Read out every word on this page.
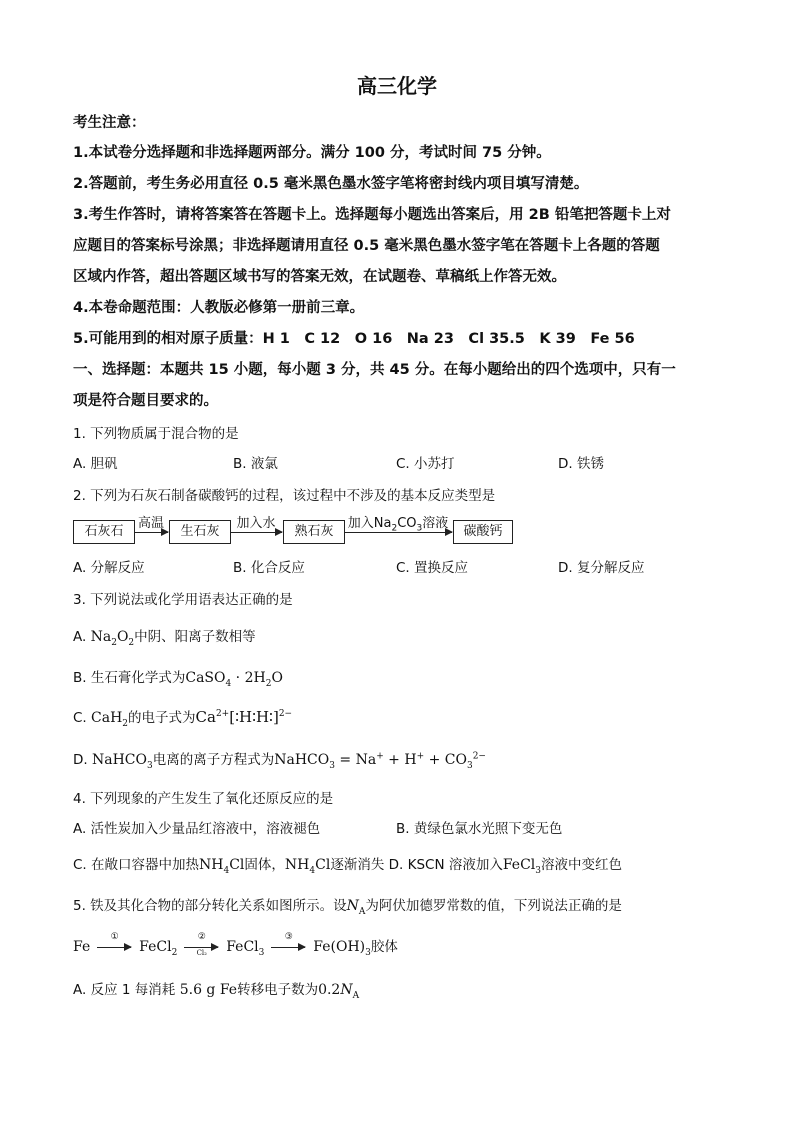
高三化学
考生注意：
1.本试卷分选择题和非选择题两部分。满分 100 分，考试时间 75 分钟。
2.答题前，考生务必用直径 0.5 毫米黑色墨水签字笔将密封线内项目填写清楚。
3.考生作答时，请将答案答在答题卡上。选择题每小题选出答案后，用 2B 铅笔把答题卡上对
应题目的答案标号涂黑；非选择题请用直径 0.5 毫米黑色墨水签字笔在答题卡上各题的答题
区域内作答，超出答题区域书写的答案无效，在试题卷、草稿纸上作答无效。
4.本卷命题范围：人教版必修第一册前三章。
5.可能用到的相对原子质量：H 1　C 12　O 16　Na 23　Cl 35.5　K 39　Fe 56
一、选择题：本题共 15 小题，每小题 3 分，共 45 分。在每小题给出的四个选项中，只有一
项是符合题目要求的。
1. 下列物质属于混合物的是
A. 胆矾	B. 液氯	C. 小苏打	D. 铁锈
2. 下列为石灰石制备碳酸钙的过程，该过程中不涉及的基本反应类型是
石灰石
高温
生石灰
加入水
熟石灰
加入$Na_2CO_3$溶液
碳酸钙
A. 分解反应	B. 化合反应	C. 置换反应	D. 复分解反应
3. 下列说法或化学用语表达正确的是
A. $Na_2O_2$中阴、阳离子数相等
B. 生石膏化学式为CaSO$_4$ · $2H_2O$
C. CaH$_2$的电子式为$Ca^{2+}[∶H∶H∶]^{2-}$
D. NaHCO$_3$电离的离子方程式为NaHCO$_3$ = $Na^+ + H^+ + CO_3^{2-}$
4. 下列现象的产生发生了氧化还原反应的是
A. 活性炭加入少量品红溶液中，溶液褪色	B. 黄绿色氯水光照下变无色
C. 在敞口容器中加热$NH_4Cl$固体，$NH_4Cl$逐渐消失 D. KSCN 溶液加入FeCl$_3$溶液中变红色
5. 铁及其化合物的部分转化关系如图所示。设$N_A$为阿伏加德罗常数的值，下列说法正确的是
Fe
①
FeCl$_2$
②
Cl₂	FeCl$_3$
③
$Fe(OH)_3$胶体
A. 反应 1 每消耗 5.6 g Fe转移电子数为$0.2N_A$
